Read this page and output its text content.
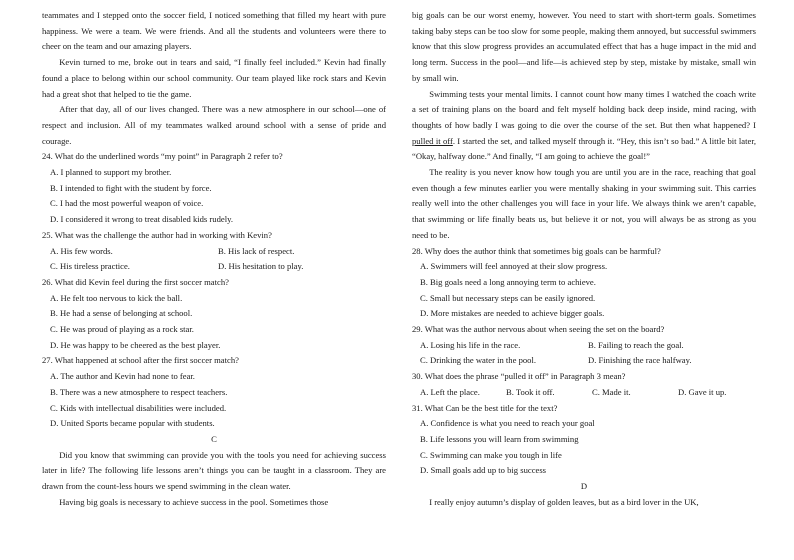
teammates and I stepped onto the soccer field, I noticed something that filled my heart with pure happiness. We were a team. We were friends. And all the students and volunteers were there to cheer on the team and our amazing players.

Kevin turned to me, broke out in tears and said, “I finally feel included.” Kevin had finally found a place to belong within our school community. Our team played like rock stars and Kevin had a great shot that helped to tie the game.

After that day, all of our lives changed. There was a new atmosphere in our school—one of respect and inclusion. All of my teammates walked around school with a sense of pride and courage.

24. What do the underlined words “my point” in Paragraph 2 refer to?

A. I planned to support my brother.

B. I intended to fight with the student by force.

C. I had the most powerful weapon of voice.

D. I considered it wrong to treat disabled kids rudely.

25. What was the challenge the author had in working with Kevin?

A. His few words.	B. His lack of respect.
C. His tireless practice.	D. His hesitation to play.

26. What did Kevin feel during the first soccer match?

A. He felt too nervous to kick the ball.

B. He had a sense of belonging at school.

C. He was proud of playing as a rock star.

D. He was happy to be cheered as the best player.

27. What happened at school after the first soccer match?

A. The author and Kevin had none to fear.

B. There was a new atmosphere to respect teachers.

C. Kids with intellectual disabilities were included.

D. United Sports became popular with students.

C

Did you know that swimming can provide you with the tools you need for achieving success later in life? The following life lessons aren’t things you can be taught in a classroom. They are drawn from the count-less hours we spend swimming in the clean water.

Having big goals is necessary to achieve success in the pool. Sometimes those

big goals can be our worst enemy, however. You need to start with short-term goals. Sometimes taking baby steps can be too slow for some people, making them annoyed, but successful swimmers know that this slow progress provides an accumulated effect that has a huge impact in the mid and long term. Success in the pool—and life—is achieved step by step, mistake by mistake, small win by small win.

Swimming tests your mental limits. I cannot count how many times I watched the coach write a set of training plans on the board and felt myself holding back deep inside, mind racing, with thoughts of how badly I was going to die over the course of the set. But then what happened? I pulled it off. I started the set, and talked myself through it. “Hey, this isn’t so bad.” A little bit later, “Okay, halfway done.” And finally, “I am going to achieve the goal!”

The reality is you never know how tough you are until you are in the race, reaching that goal even though a few minutes earlier you were mentally shaking in your swimming suit. This carries really well into the other challenges you will face in your life. We always think we aren’t capable, that swimming or life finally beats us, but believe it or not, you will always be as strong as you need to be.

28. Why does the author think that sometimes big goals can be harmful?

A. Swimmers will feel annoyed at their slow progress.

B. Big goals need a long annoying term to achieve.

C. Small but necessary steps can be easily ignored.

D. More mistakes are needed to achieve bigger goals.

29. What was the author nervous about when seeing the set on the board?

A. Losing his life in the race.	B. Failing to reach the goal.
C. Drinking the water in the pool.	D. Finishing the race halfway.

30. What does the phrase “pulled it off” in Paragraph 3 mean?

A. Left the place.	B. Took it off.	C. Made it.	D. Gave it up.

31. What Can be the best title for the text?

A. Confidence is what you need to reach your goal

B. Life lessons you will learn from swimming

C. Swimming can make you tough in life

D. Small goals add up to big success

D

I really enjoy autumn’s display of golden leaves, but as a bird lover in the UK,
